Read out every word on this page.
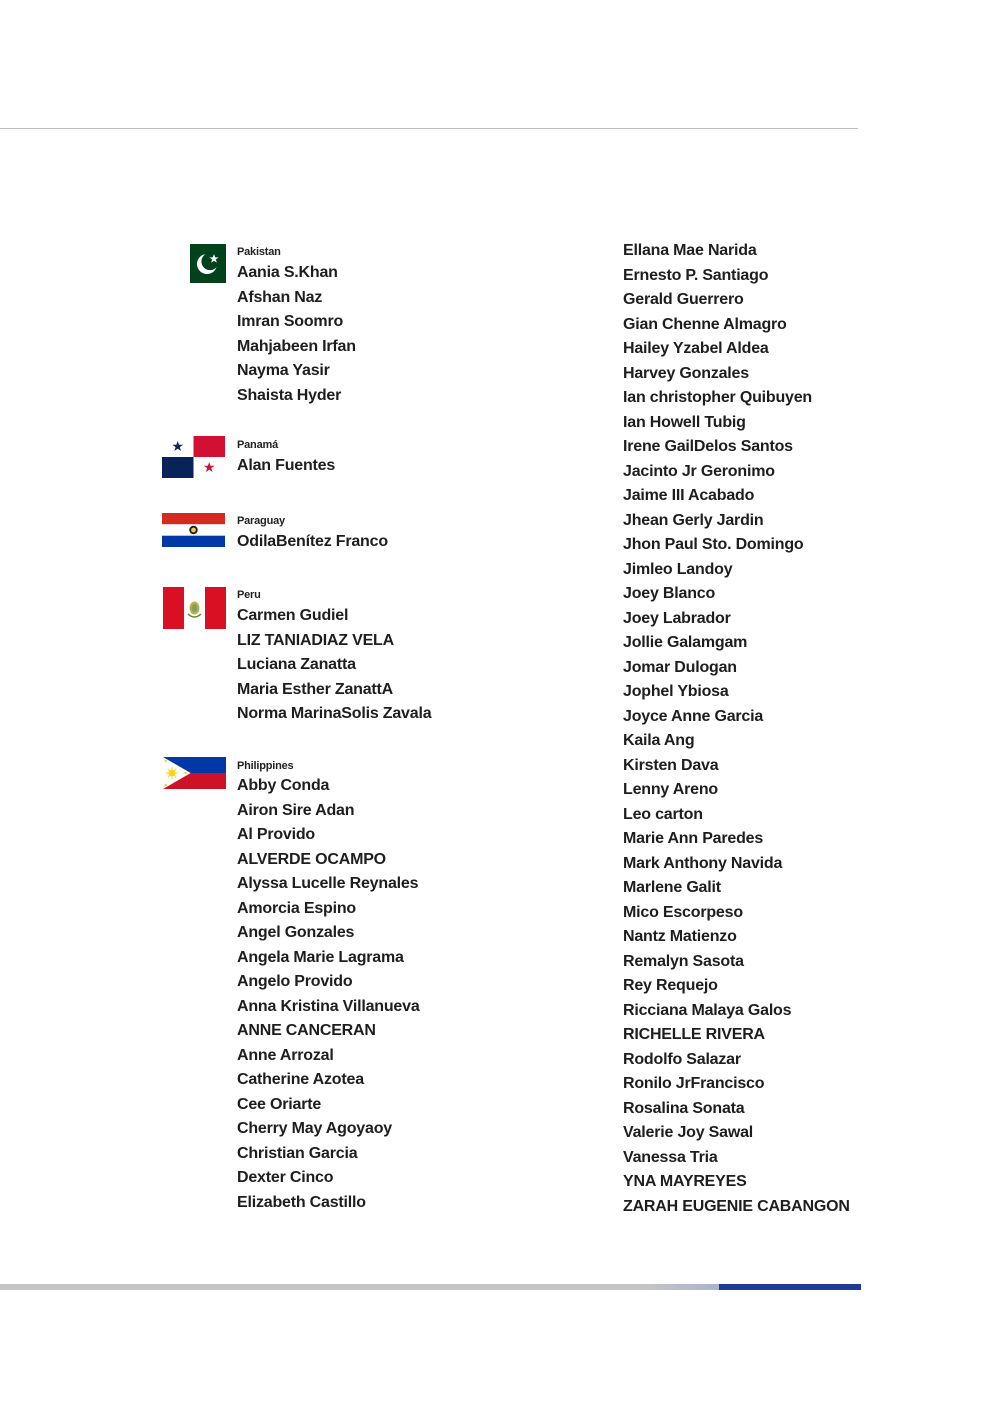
Pakistan
Aania S.Khan
Afshan Naz
Imran Soomro
Mahjabeen Irfan
Nayma Yasir
Shaista Hyder
Panamá
Alan Fuentes
Paraguay
OdilaBenítez Franco
Peru
Carmen Gudiel
LIZ TANIADIAZ VELA
Luciana Zanatta
Maria Esther ZanattA
Norma MarinaSolis Zavala
Philippines
Abby Conda
Airon Sire Adan
Al Provido
ALVERDE OCAMPO
Alyssa Lucelle Reynales
Amorcia Espino
Angel Gonzales
Angela Marie Lagrama
Angelo Provido
Anna Kristina Villanueva
ANNE CANCERAN
Anne Arrozal
Catherine Azotea
Cee Oriarte
Cherry May Agoyaoy
Christian Garcia
Dexter Cinco
Elizabeth Castillo
Ellana Mae Narida
Ernesto P. Santiago
Gerald Guerrero
Gian Chenne Almagro
Hailey Yzabel Aldea
Harvey Gonzales
Ian christopher Quibuyen
Ian Howell Tubig
Irene GailDelos Santos
Jacinto Jr Geronimo
Jaime III Acabado
Jhean Gerly Jardin
Jhon Paul Sto. Domingo
Jimleo Landoy
Joey Blanco
Joey Labrador
Jollie Galamgam
Jomar Dulogan
Jophel Ybiosa
Joyce Anne Garcia
Kaila Ang
Kirsten Dava
Lenny Areno
Leo carton
Marie Ann Paredes
Mark Anthony Navida
Marlene Galit
Mico Escorpeso
Nantz Matienzo
Remalyn Sasota
Rey Requejo
Ricciana Malaya Galos
RICHELLE RIVERA
Rodolfo Salazar
Ronilo JrFrancisco
Rosalina Sonata
Valerie Joy Sawal
Vanessa Tria
YNA MAYREYES
ZARAH EUGENIE CABANGON
